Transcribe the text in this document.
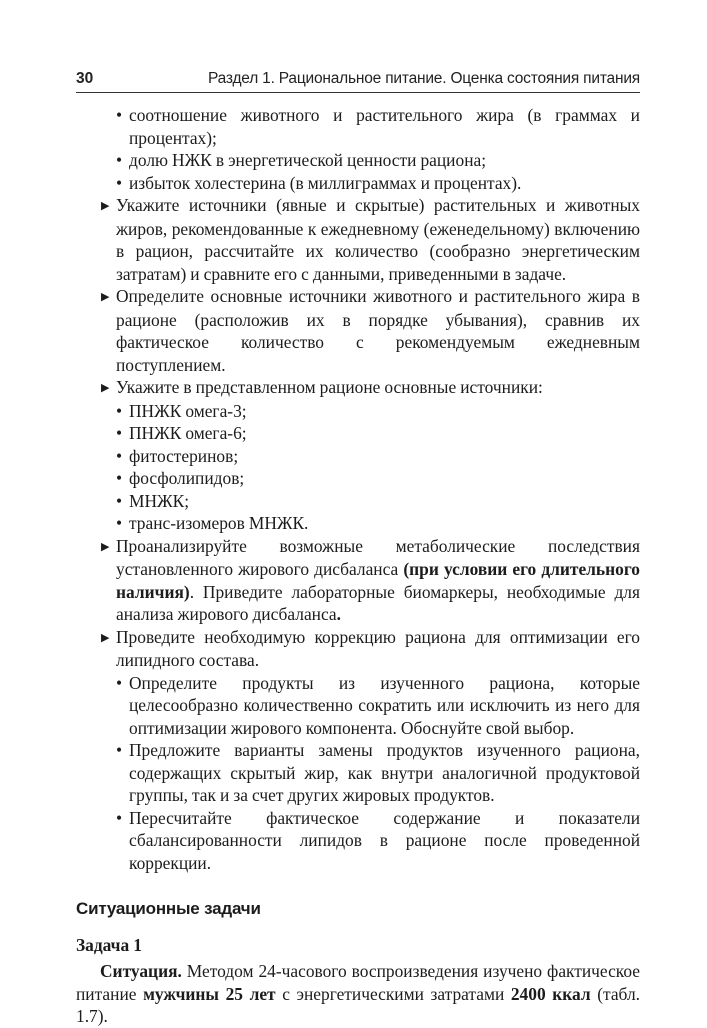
30	Раздел 1. Рациональное питание. Оценка состояния питания

• соотношение животного и растительного жира (в граммах и процентах);

• долю НЖК в энергетической ценности рациона;

• избыток холестерина (в миллиграммах и процентах).

▶ Укажите источники (явные и скрытые) растительных и животных жиров, рекомендованные к ежедневному (еженедельному) включению в рацион, рассчитайте их количество (сообразно энергетическим затратам) и сравните его с данными, приведенными в задаче.

▶ Определите основные источники животного и растительного жира в рационе (расположив их в порядке убывания), сравнив их фактическое количество с рекомендуемым ежедневным поступлением.

▶ Укажите в представленном рационе основные источники:

• ПНЖК омега-3;

• ПНЖК омега-6;

• фитостеринов;

• фосфолипидов;

• МНЖК;

• транс-изомеров МНЖК.

▶ Проанализируйте возможные метаболические последствия установленного жирового дисбаланса (при условии его длительного наличия). Приведите лабораторные биомаркеры, необходимые для анализа жирового дисбаланса.

▶ Проведите необходимую коррекцию рациона для оптимизации его липидного состава.

• Определите продукты из изученного рациона, которые целесообразно количественно сократить или исключить из него для оптимизации жирового компонента. Обоснуйте свой выбор.

• Предложите варианты замены продуктов изученного рациона, содержащих скрытый жир, как внутри аналогичной продуктовой группы, так и за счет других жировых продуктов.

• Пересчитайте фактическое содержание и показатели сбалансированности липидов в рационе после проведенной коррекции.

Ситуационные задачи

Задача 1

Ситуация. Методом 24-часового воспроизведения изучено фактическое питание мужчины 25 лет с энергетическими затратами 2400 ккал (табл. 1.7).
